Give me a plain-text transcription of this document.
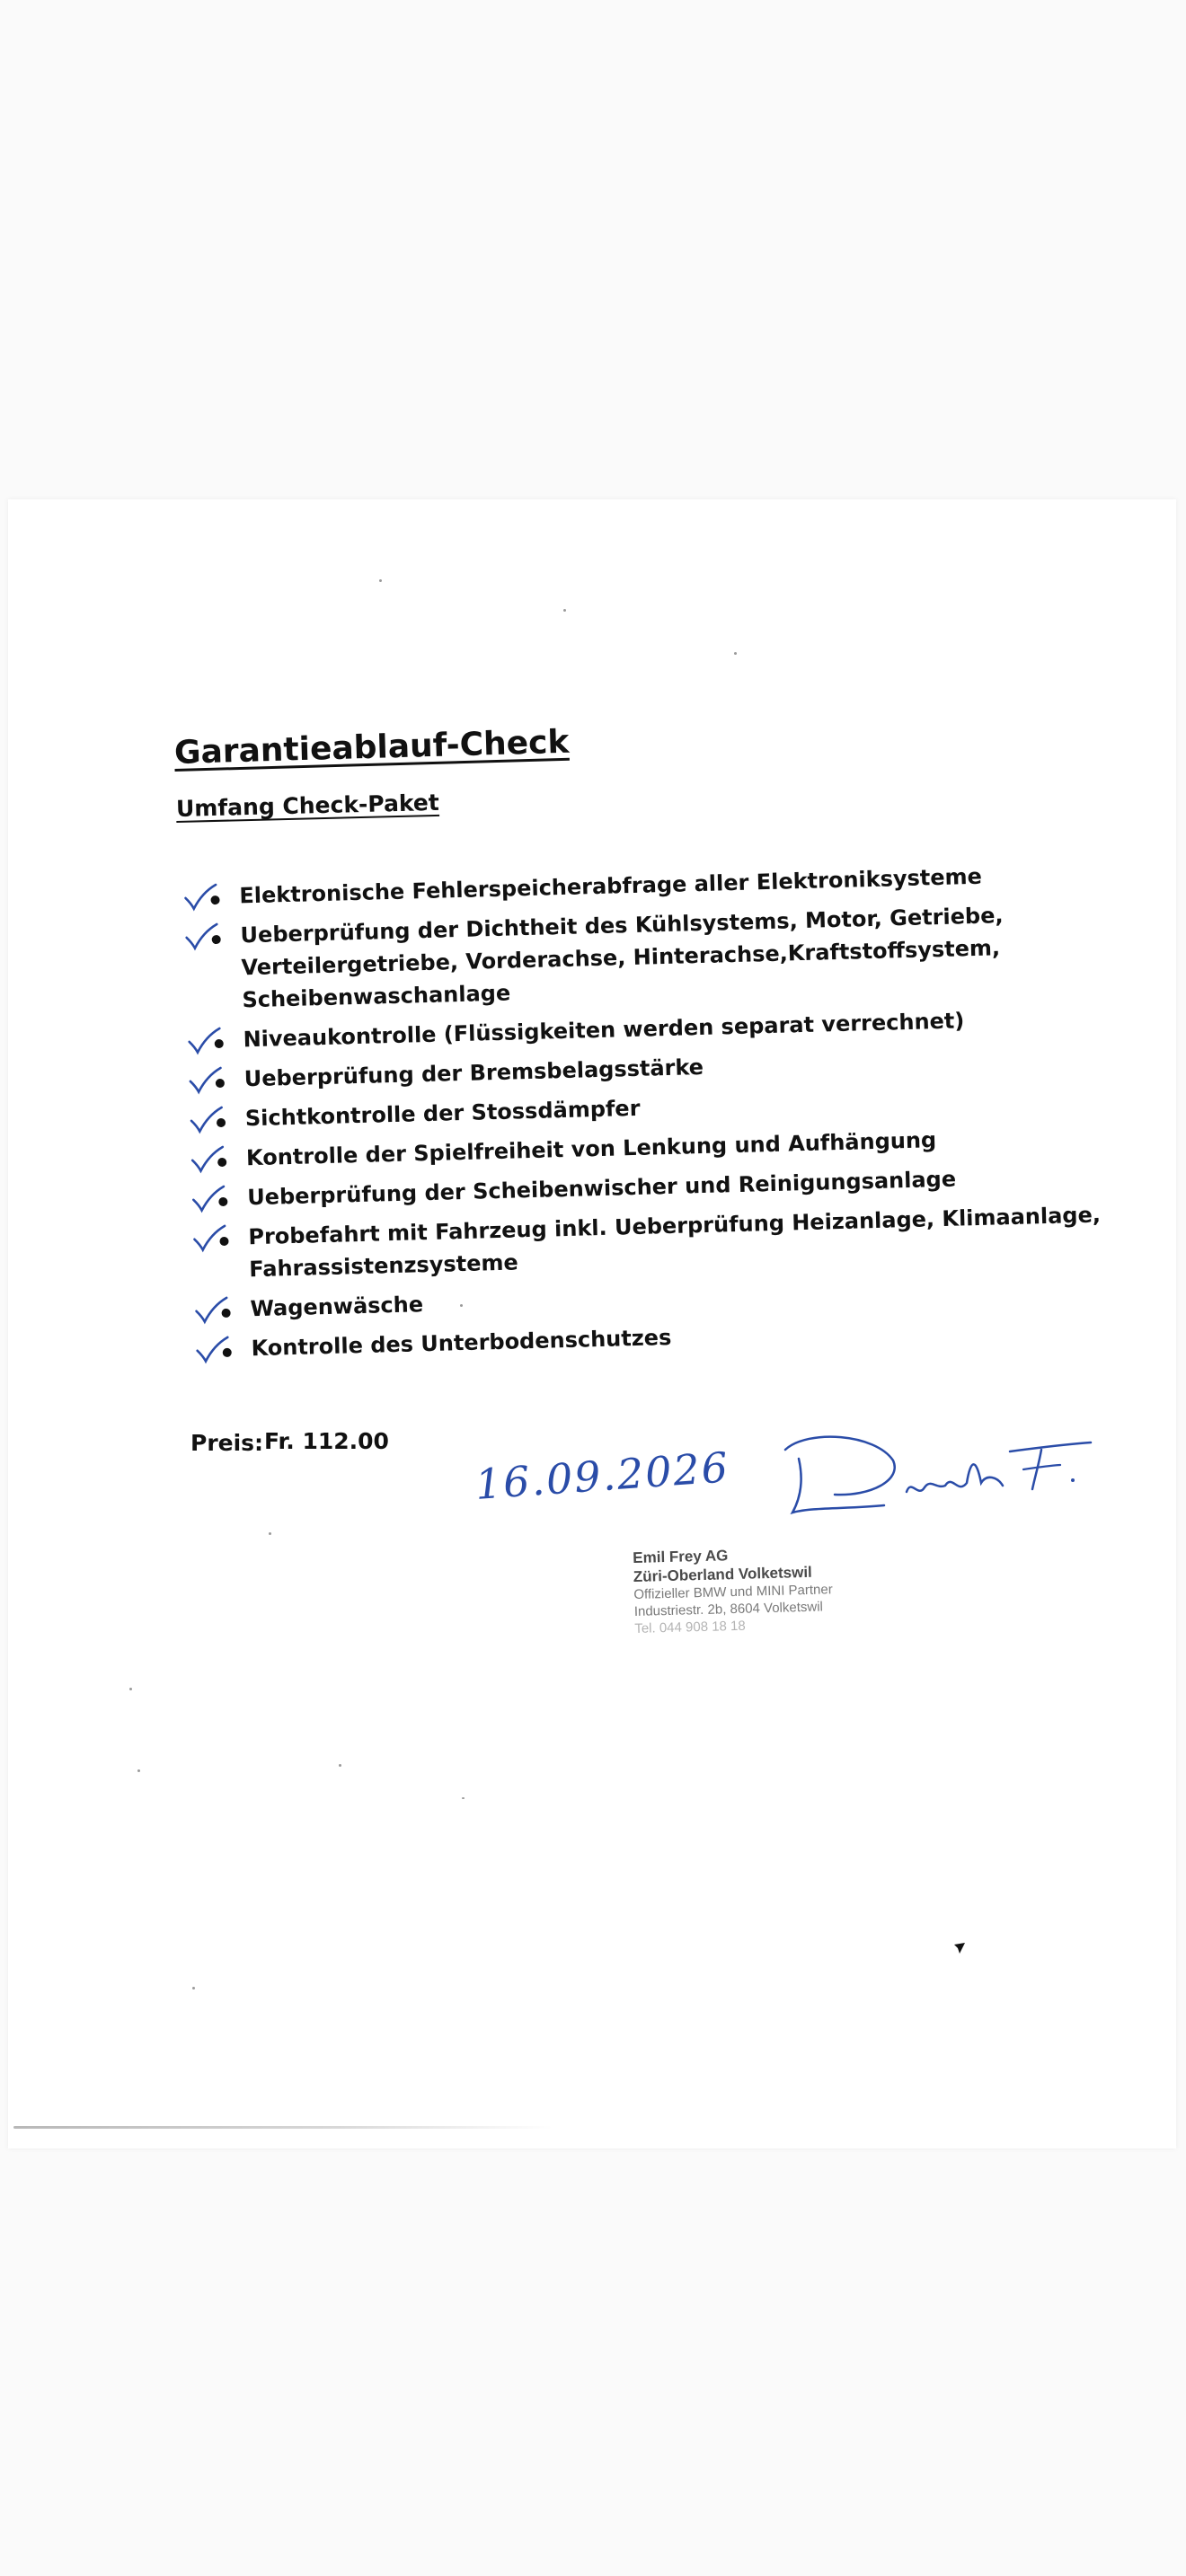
Garantieablauf-Check
Umfang Check-Paket
Elektronische Fehlerspeicherabfrage aller Elektroniksysteme
Ueberprüfung der Dichtheit des Kühlsystems, Motor, Getriebe, Verteilergetriebe, Vorderachse, Hinterachse,Kraftstoffsystem, Scheibenwaschanlage
Niveaukontrolle (Flüssigkeiten werden separat verrechnet)
Ueberprüfung der Bremsbelagsstärke
Sichtkontrolle der Stossdämpfer
Kontrolle der Spielfreiheit von Lenkung und Aufhängung
Ueberprüfung der Scheibenwischer und Reinigungsanlage
Probefahrt mit Fahrzeug inkl. Ueberprüfung Heizanlage, Klimaanlage, Fahrassistenzsysteme
Wagenwäsche
Kontrolle des Unterbodenschutzes
Preis: Fr. 112.00
16.09.2026
Emil Frey AG
Züri-Oberland Volketswil
Offizieller BMW und MINI Partner
Industriestr. 2b, 8604 Volketswil
Tel. 044 908 18 18
